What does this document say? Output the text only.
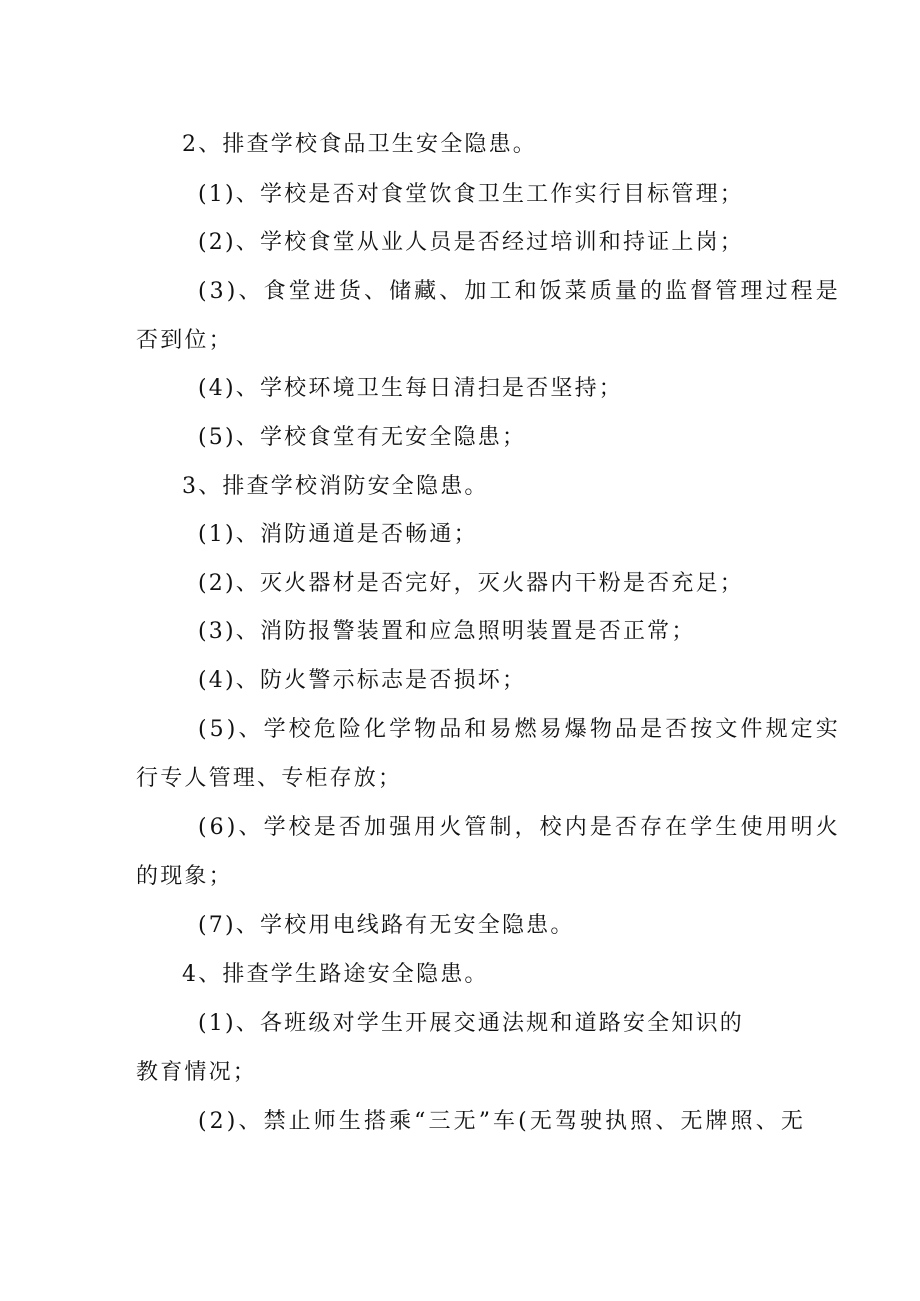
2、排查学校食品卫生安全隐患。
(1)、学校是否对食堂饮食卫生工作实行目标管理；
(2)、学校食堂从业人员是否经过培训和持证上岗；
(3)、食堂进货、储藏、加工和饭菜质量的监督管理过程是
否到位；
(4)、学校环境卫生每日清扫是否坚持；
(5)、学校食堂有无安全隐患；
3、排查学校消防安全隐患。
(1)、消防通道是否畅通；
(2)、灭火器材是否完好，灭火器内干粉是否充足；
(3)、消防报警装置和应急照明装置是否正常；
(4)、防火警示标志是否损坏；
(5)、学校危险化学物品和易燃易爆物品是否按文件规定实
行专人管理、专柜存放；
(6)、学校是否加强用火管制，校内是否存在学生使用明火
的现象；
(7)、学校用电线路有无安全隐患。
4、排查学生路途安全隐患。
(1)、各班级对学生开展交通法规和道路安全知识的
教育情况；
(2)、禁止师生搭乘“三无”车(无驾驶执照、无牌照、无
